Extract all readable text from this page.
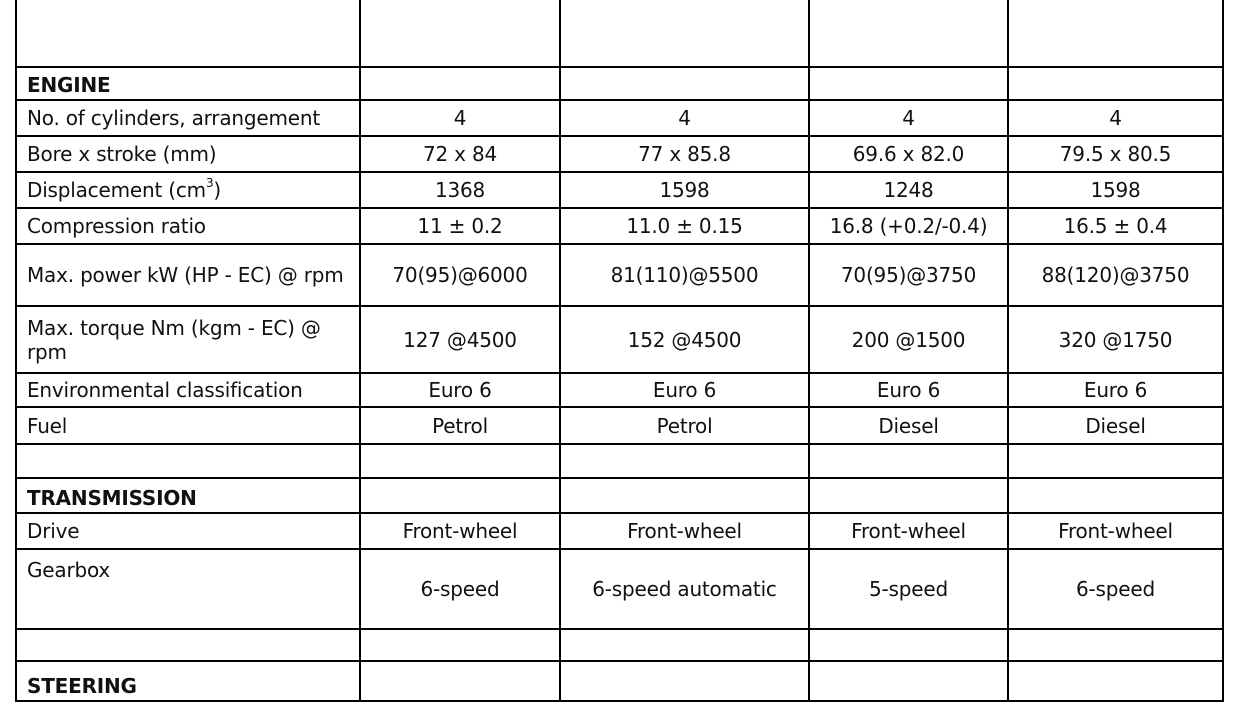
ENGINE				
No. of cylinders, arrangement	4	4	4	4
Bore x stroke (mm)	72 x 84	77 x 85.8	69.6 x 82.0	79.5 x 80.5
Displacement $(cm^3)$	1368	1598	1248	1598
Compression ratio	11 ± 0.2	11.0 ± 0.15	16.8 (+0.2/-0.4)	16.5 ± 0.4
Max. power kW (HP - EC) @ rpm	70(95)@6000	81(110)@5500	70(95)@3750	88(120)@3750
Max. torque Nm (kgm - EC) @ rpm	127 @4500	152 @4500	200 @1500	320 @1750
Environmental classification	Euro 6	Euro 6	Euro 6	Euro 6
Fuel	Petrol	Petrol	Diesel	Diesel

TRANSMISSION				
Drive	Front-wheel	Front-wheel	Front-wheel	Front-wheel
Gearbox	6-speed	6-speed automatic	5-speed	6-speed

STEERING				
